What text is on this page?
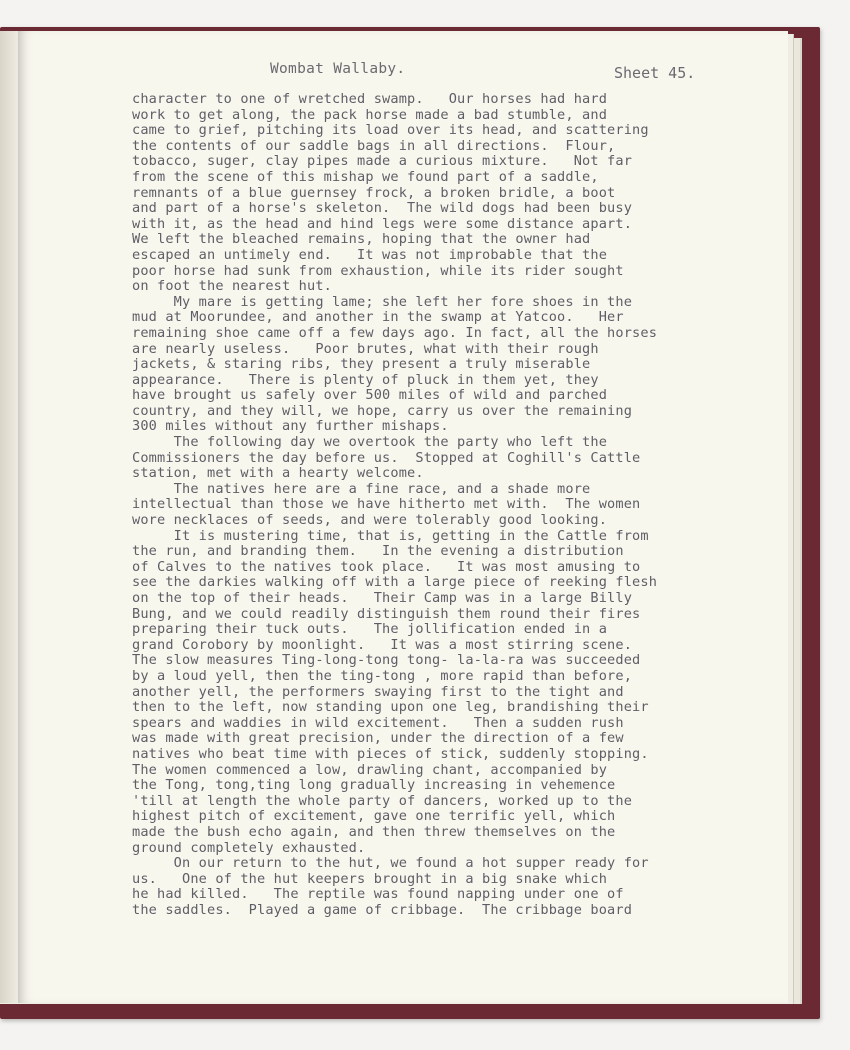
Wombat Wallaby.	Sheet 45.
character to one of wretched swamp.   Our horses had hard
work to get along, the pack horse made a bad stumble, and
came to grief, pitching its load over its head, and scattering
the contents of our saddle bags in all directions.  Flour,
tobacco, suger, clay pipes made a curious mixture.   Not far
from the scene of this mishap we found part of a saddle,
remnants of a blue guernsey frock, a broken bridle, a boot
and part of a horse's skeleton.  The wild dogs had been busy
with it, as the head and hind legs were some distance apart.
We left the bleached remains, hoping that the owner had
escaped an untimely end.   It was not improbable that the
poor horse had sunk from exhaustion, while its rider sought
on foot the nearest hut.
My mare is getting lame; she left her fore shoes in the
mud at Moorundee, and another in the swamp at Yatcoo.   Her
remaining shoe came off a few days ago. In fact, all the horses
are nearly useless.   Poor brutes, what with their rough
jackets, & staring ribs, they present a truly miserable
appearance.   There is plenty of pluck in them yet, they
have brought us safely over 500 miles of wild and parched
country, and they will, we hope, carry us over the remaining
300 miles without any further mishaps.
The following day we overtook the party who left the
Commissioners the day before us.  Stopped at Coghill's Cattle
station, met with a hearty welcome.
The natives here are a fine race, and a shade more
intellectual than those we have hitherto met with.  The women
wore necklaces of seeds, and were tolerably good looking.
It is mustering time, that is, getting in the Cattle from
the run, and branding them.   In the evening a distribution
of Calves to the natives took place.   It was most amusing to
see the darkies walking off with a large piece of reeking flesh
on the top of their heads.   Their Camp was in a large Billy
Bung, and we could readily distinguish them round their fires
preparing their tuck outs.   The jollification ended in a
grand Corobory by moonlight.   It was a most stirring scene.
The slow measures Ting-long-tong tong- la-la-ra was succeeded
by a loud yell, then the ting-tong , more rapid than before,
another yell, the performers swaying first to the tight and
then to the left, now standing upon one leg, brandishing their
spears and waddies in wild excitement.   Then a sudden rush
was made with great precision, under the direction of a few
natives who beat time with pieces of stick, suddenly stopping.
The women commenced a low, drawling chant, accompanied by
the Tong, tong,ting long gradually increasing in vehemence
'till at length the whole party of dancers, worked up to the
highest pitch of excitement, gave one terrific yell, which
made the bush echo again, and then threw themselves on the
ground completely exhausted.
On our return to the hut, we found a hot supper ready for
us.   One of the hut keepers brought in a big snake which
he had killed.   The reptile was found napping under one of
the saddles.  Played a game of cribbage.  The cribbage board
